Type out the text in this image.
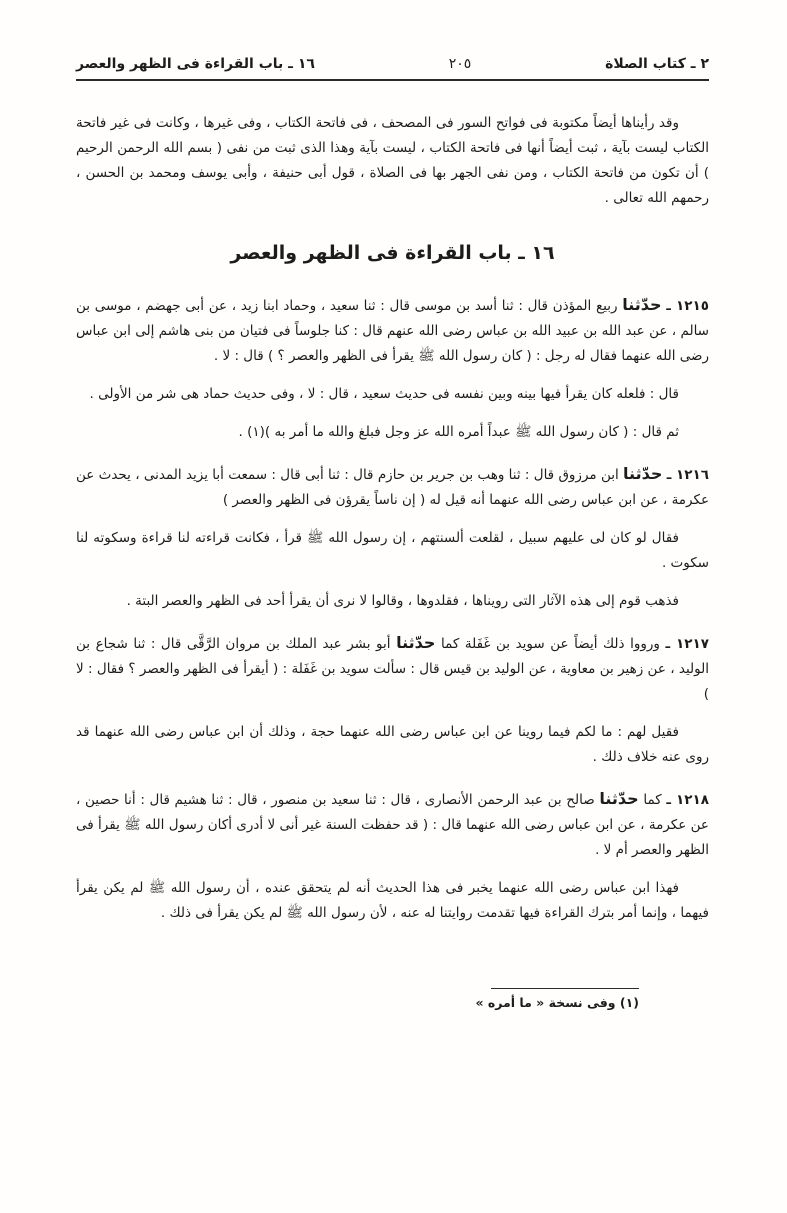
٢ ـ كتاب الصلاة
٢٠٥
١٦ ـ باب القراءة فى الظهر والعصر

وقد رأيناها أيضاً مكتوبة فى فواتح السور فى المصحف ، فى فاتحة الكتاب ، وفى غيرها ، وكانت فى غير فاتحة الكتاب ليست بآية ، ثبت أيضاً أنها فى فاتحة الكتاب ، ليست بآية وهذا الذى ثبت من نفى ( بسم الله الرحمن الرحيم ) أن تكون من فاتحة الكتاب ، ومن نفى الجهر بها فى الصلاة ، قول أبى حنيفة ، وأبى يوسف ومحمد بن الحسن ، رحمهم الله تعالى .

١٦ ـ باب القراءة فى الظهر والعصر

١٢١٥ ـ حدّثنا ربيع المؤذن قال : ثنا أسد بن موسى قال : ثنا سعيد ، وحماد ابنا زيد ، عن أبى جهضم ، موسى بن سالم ، عن عبد الله بن عبيد الله بن عباس رضى الله عنهم قال : كنا جلوساً فى فتيان من بنى هاشم إلى ابن عباس رضى الله عنهما فقال له رجل : ( كان رسول الله ﷺ يقرأ فى الظهر والعصر ؟ ) قال : لا .

قال : فلعله كان يقرأ فيها بينه وبين نفسه فى حديث سعيد ، قال : لا ، وفى حديث حماد هى شر من الأولى .

ثم قال : ( كان رسول الله ﷺ عبداً أمره الله عز وجل فبلغ والله ما أمر به )(١) .

١٢١٦ ـ حدّثنا ابن مرزوق قال : ثنا وهب بن جرير بن حازم قال : ثنا أبى قال : سمعت أبا يزيد المدنى ، يحدث عن عكرمة ، عن ابن عباس رضى الله عنهما أنه قيل له ( إن ناساً يقرؤن فى الظهر والعصر )

فقال لو كان لى عليهم سبيل ، لقلعت ألسنتهم ، إن رسول الله ﷺ قرأ ، فكانت قراءته لنا قراءة وسكوته لنا سكوت .

فذهب قوم إلى هذه الآثار التى رويناها ، فقلدوها ، وقالوا لا نرى أن يقرأ أحد فى الظهر والعصر البتة .

١٢١٧ ـ ورووا ذلك أيضاً عن سويد بن غَفَلة كما حدّثنا أبو بشر عبد الملك بن مروان الرَّقَّى قال : ثنا شجاع بن الوليد ، عن زهير بن معاوية ، عن الوليد بن قيس قال : سألت سويد بن غَفَلة : ( أيقرأ فى الظهر والعصر ؟ فقال : لا )

فقيل لهم : ما لكم فيما روينا عن ابن عباس رضى الله عنهما حجة ، وذلك أن ابن عباس رضى الله عنهما قد روى عنه خلاف ذلك .

١٢١٨ ـ كما حدّثنا صالح بن عبد الرحمن الأنصارى ، قال : ثنا سعيد بن منصور ، قال : ثنا هشيم قال : أنا حصين ، عن عكرمة ، عن ابن عباس رضى الله عنهما قال : ( قد حفظت السنة غير أنى لا أدرى أكان رسول الله ﷺ يقرأ فى الظهر والعصر أم لا .

فهذا ابن عباس رضى الله عنهما يخبر فى هذا الحديث أنه لم يتحقق عنده ، أن رسول الله ﷺ لم يكن يقرأ فيهما ، وإنما أمر بترك القراءة فيها تقدمت روايتنا له عنه ، لأن رسول الله ﷺ لم يكن يقرأ فى ذلك .

(١) وفى نسخة « ما أمره »
